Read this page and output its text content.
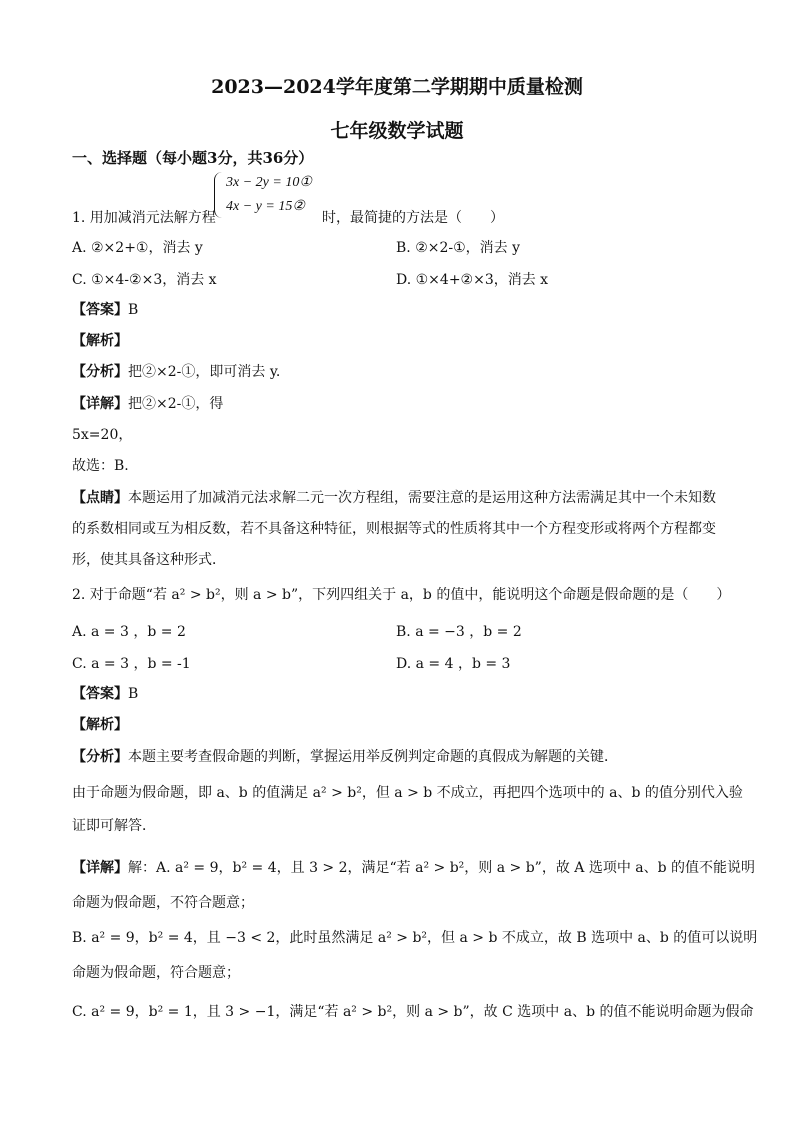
2023—2024学年度第二学期期中质量检测
七年级数学试题
一、选择题（每小题3分，共36分）
3x − 2y = 10①
4x − y = 15②
1. 用加减消元法解方程	时，最简捷的方法是（　　）
A. ②×2+①，消去 y	B. ②×2-①，消去 y
C. ①×4-②×3，消去 x	D. ①×4+②×3，消去 x
【答案】B
【解析】
【分析】把②×2-①，即可消去 y.
【详解】把②×2-①，得
5x=20，
故选：B.
【点睛】本题运用了加减消元法求解二元一次方程组，需要注意的是运用这种方法需满足其中一个未知数
的系数相同或互为相反数，若不具备这种特征，则根据等式的性质将其中一个方程变形或将两个方程都变
形，使其具备这种形式．
2. 对于命题“若 a² > b²，则 a > b”，下列四组关于 a，b 的值中，能说明这个命题是假命题的是（　　）
A. a = 3 ，b = 2	B. a = −3 ，b = 2
C. a = 3 ，b = -1	D. a = 4 ，b = 3
【答案】B
【解析】
【分析】本题主要考查假命题的判断，掌握运用举反例判定命题的真假成为解题的关键．
由于命题为假命题，即 a、b 的值满足 a² > b²，但 a > b 不成立，再把四个选项中的 a、b 的值分别代入验
证即可解答．
【详解】解：A. a² = 9，b² = 4，且 3 > 2，满足“若 a² > b²，则 a > b”，故 A 选项中 a、b 的值不能说明
命题为假命题，不符合题意；
B. a² = 9，b² = 4，且 −3 < 2，此时虽然满足 a² > b²，但 a > b 不成立，故 B 选项中 a、b 的值可以说明
命题为假命题，符合题意；
C. a² = 9，b² = 1，且 3 > −1，满足“若 a² > b²，则 a > b”，故 C 选项中 a、b 的值不能说明命题为假命
